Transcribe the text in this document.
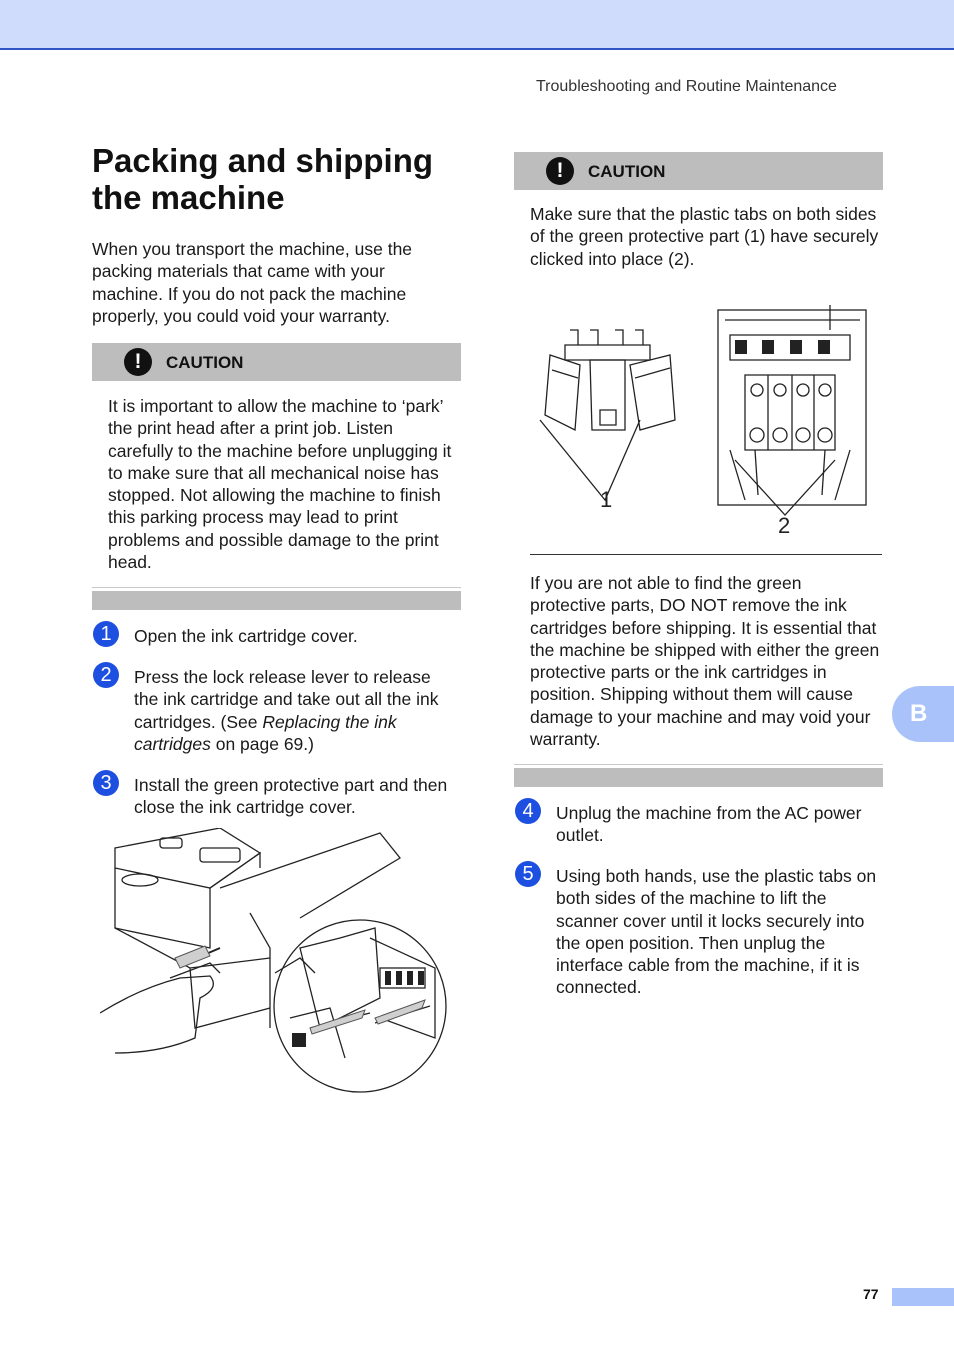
Troubleshooting and Routine Maintenance
Packing and shipping the machine

When you transport the machine, use the packing materials that came with your machine. If you do not pack the machine properly, you could void your warranty.

!	CAUTION

It is important to allow the machine to ‘park’ the print head after a print job. Listen carefully to the machine before unplugging it to make sure that all mechanical noise has stopped. Not allowing the machine to finish this parking process may lead to print problems and possible damage to the print head.

1	Open the ink cartridge cover.
2	Press the lock release lever to release the ink cartridge and take out all the ink cartridges. (See Replacing the ink cartridges on page 69.)
3	Install the green protective part and then close the ink cartridge cover.
!	CAUTION

Make sure that the plastic tabs on both sides of the green protective part (1) have securely clicked into place (2).

1
2

If you are not able to find the green protective parts, DO NOT remove the ink cartridges before shipping. It is essential that the machine be shipped with either the green protective parts or the ink cartridges in position. Shipping without them will cause damage to your machine and may void your warranty.

4	Unplug the machine from the AC power outlet.
5	Using both hands, use the plastic tabs on both sides of the machine to lift the scanner cover until it locks securely into the open position. Then unplug the interface cable from the machine, if it is connected.
B
77
